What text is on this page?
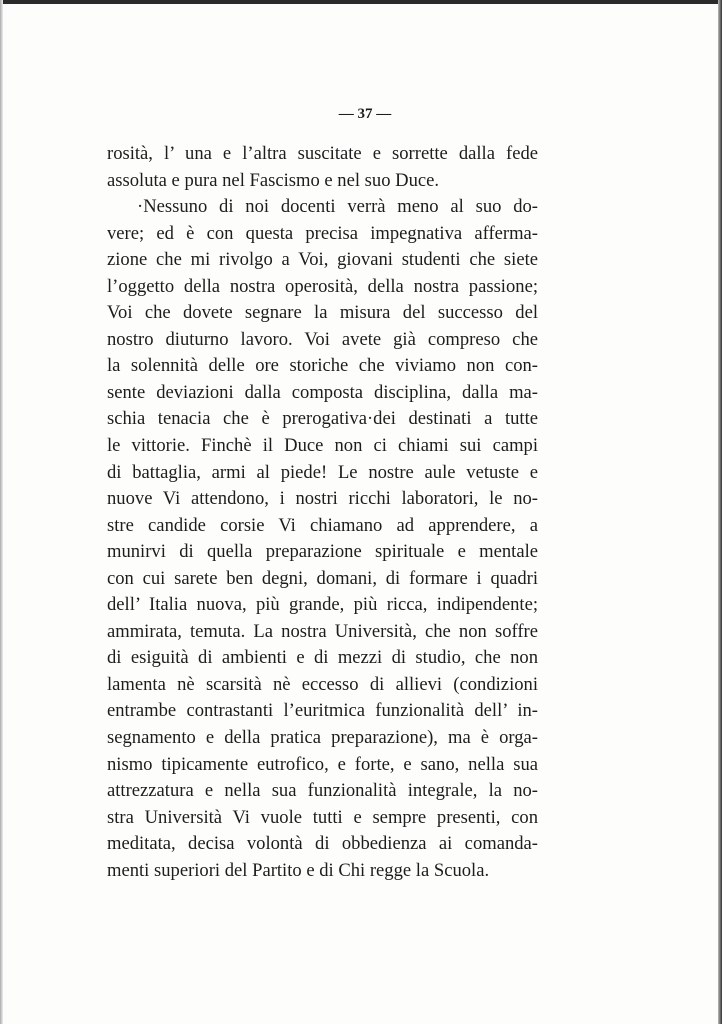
— 37 —
rosità, l’ una e l’altra suscitate e sorrette dalla fede
assoluta e pura nel Fascismo e nel suo Duce.
·Nessuno di noi docenti verrà meno al suo do-
vere; ed è con questa precisa impegnativa afferma-
zione che mi rivolgo a Voi, giovani studenti che siete
l’oggetto della nostra operosità, della nostra passione;
Voi che dovete segnare la misura del successo del
nostro diuturno lavoro. Voi avete già compreso che
la solennità delle ore storiche che viviamo non con-
sente deviazioni dalla composta disciplina, dalla ma-
schia tenacia che è prerogativa·dei destinati a tutte
le vittorie. Finchè il Duce non ci chiami sui campi
di battaglia, armi al piede! Le nostre aule vetuste e
nuove Vi attendono, i nostri ricchi laboratori, le no-
stre candide corsie Vi chiamano ad apprendere, a
munirvi di quella preparazione spirituale e mentale
con cui sarete ben degni, domani, di formare i quadri
dell’ Italia nuova, più grande, più ricca, indipendente;
ammirata, temuta. La nostra Università, che non soffre
di esiguità di ambienti e di mezzi di studio, che non
lamenta nè scarsità nè eccesso di allievi (condizioni
entrambe contrastanti l’euritmica funzionalità dell’ in-
segnamento e della pratica preparazione), ma è orga-
nismo tipicamente eutrofico, e forte, e sano, nella sua
attrezzatura e nella sua funzionalità integrale, la no-
stra Università Vi vuole tutti e sempre presenti, con
meditata, decisa volontà di obbedienza ai comanda-
menti superiori del Partito e di Chi regge la Scuola.
